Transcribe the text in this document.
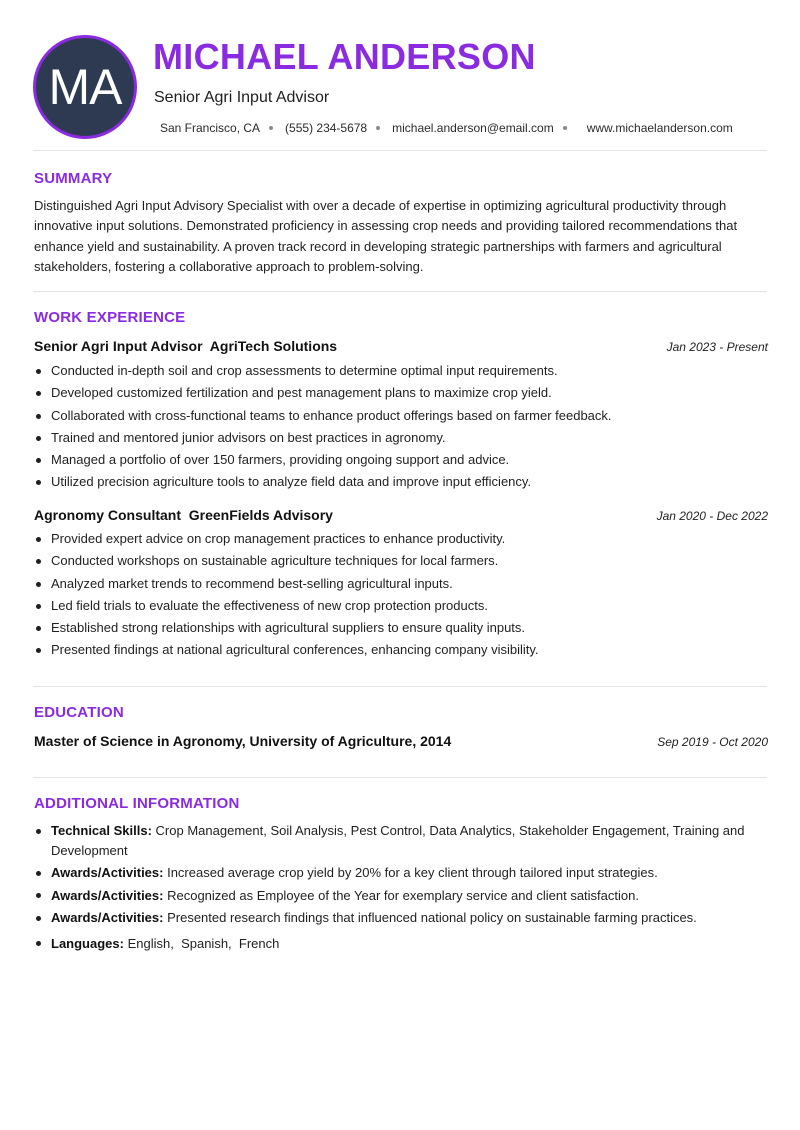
MA
MICHAEL ANDERSON
Senior Agri Input Advisor
San Francisco, CA (555) 234-5678 michael.anderson@email.com	www.michaelanderson.com
SUMMARY

Distinguished Agri Input Advisory Specialist with over a decade of expertise in optimizing agricultural productivity through innovative input solutions. Demonstrated proficiency in assessing crop needs and providing tailored recommendations that enhance yield and sustainability. A proven track record in developing strategic partnerships with farmers and agricultural stakeholders, fostering a collaborative approach to problem-solving.

WORK EXPERIENCE
Senior Agri Input Advisor  AgriTech Solutions	Jan 2023 - Present
Conducted in-depth soil and crop assessments to determine optimal input requirements.
Developed customized fertilization and pest management plans to maximize crop yield.
Collaborated with cross-functional teams to enhance product offerings based on farmer feedback.
Trained and mentored junior advisors on best practices in agronomy.
Managed a portfolio of over 150 farmers, providing ongoing support and advice.
Utilized precision agriculture tools to analyze field data and improve input efficiency.
Agronomy Consultant  GreenFields Advisory	Jan 2020 - Dec 2022
Provided expert advice on crop management practices to enhance productivity.
Conducted workshops on sustainable agriculture techniques for local farmers.
Analyzed market trends to recommend best-selling agricultural inputs.
Led field trials to evaluate the effectiveness of new crop protection products.
Established strong relationships with agricultural suppliers to ensure quality inputs.
Presented findings at national agricultural conferences, enhancing company visibility.
EDUCATION
Master of Science in Agronomy, University of Agriculture, 2014	Sep 2019 - Oct 2020
ADDITIONAL INFORMATION
Technical Skills: Crop Management, Soil Analysis, Pest Control, Data Analytics, Stakeholder Engagement, Training and Development
Awards/Activities: Increased average crop yield by 20% for a key client through tailored input strategies.
Awards/Activities: Recognized as Employee of the Year for exemplary service and client satisfaction.
Awards/Activities: Presented research findings that influenced national policy on sustainable farming practices.
Languages: English,  Spanish,  French
